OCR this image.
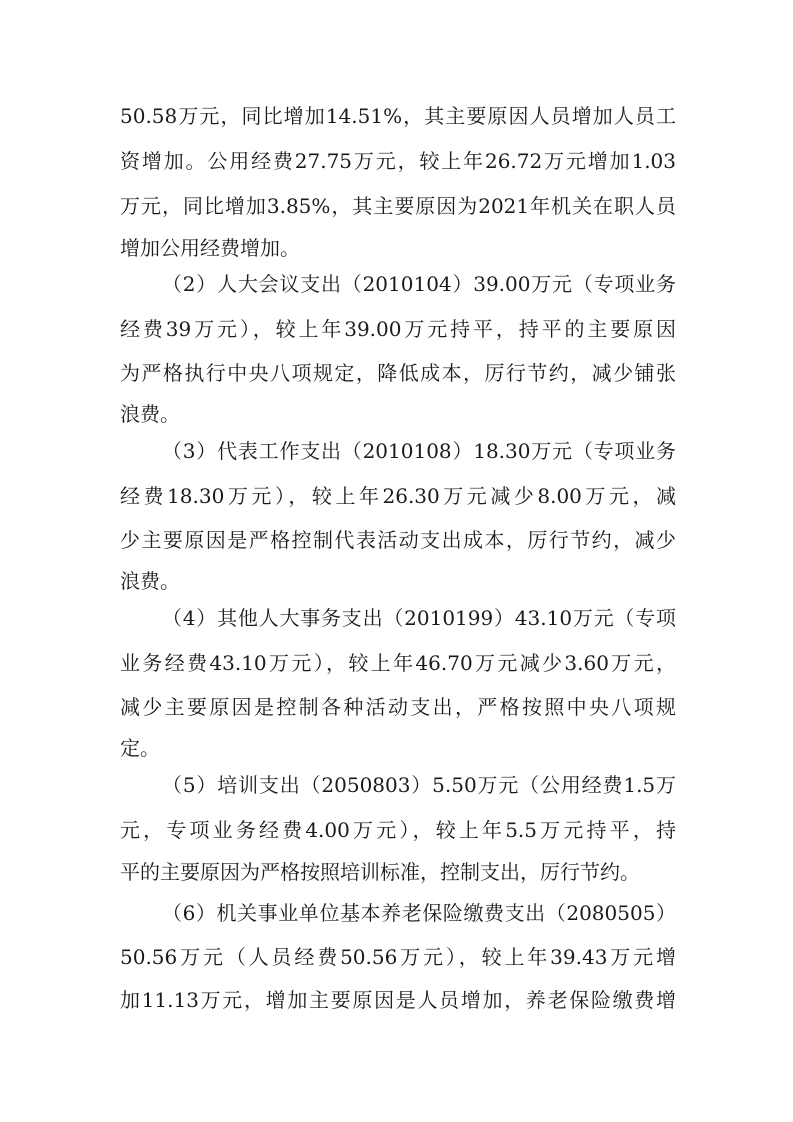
50.58万元，同比增加14.51%，其主要原因人员增加人员工
资增加。公用经费27.75万元，较上年26.72万元增加1.03
万元，同比增加3.85%，其主要原因为2021年机关在职人员
增加公用经费增加。
（2）人大会议支出（2010104）39.00万元（专项业务
经费39万元），较上年39.00万元持平，持平的主要原因
为严格执行中央八项规定，降低成本，厉行节约，减少铺张
浪费。
（3）代表工作支出（2010108）18.30万元（专项业务
经费18.30万元），较上年26.30万元减少8.00万元，减
少主要原因是严格控制代表活动支出成本，厉行节约，减少
浪费。
（4）其他人大事务支出（2010199）43.10万元（专项
业务经费43.10万元），较上年46.70万元减少3.60万元，
减少主要原因是控制各种活动支出，严格按照中央八项规
定。
（5）培训支出（2050803）5.50万元（公用经费1.5万
元，专项业务经费4.00万元），较上年5.5万元持平，持
平的主要原因为严格按照培训标准，控制支出，厉行节约。
（6）机关事业单位基本养老保险缴费支出（2080505）
50.56万元（人员经费50.56万元），较上年39.43万元增
加11.13万元，增加主要原因是人员增加，养老保险缴费增
